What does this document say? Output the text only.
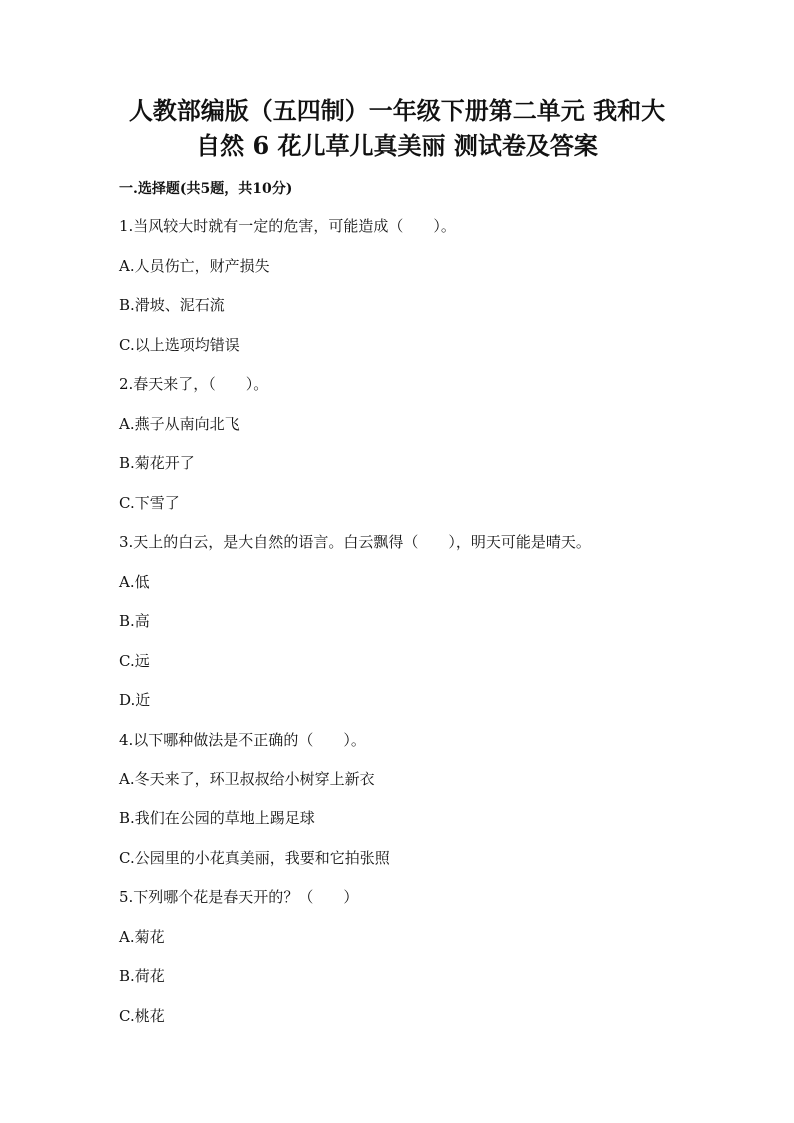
人教部编版（五四制）一年级下册第二单元 我和大
自然 6 花儿草儿真美丽 测试卷及答案

一.选择题(共5题，共10分)

1.当风较大时就有一定的危害，可能造成（　　）。

A.人员伤亡，财产损失

B.滑坡、泥石流

C.以上选项均错误

2.春天来了，（　　）。

A.燕子从南向北飞

B.菊花开了

C.下雪了

3.天上的白云，是大自然的语言。白云飘得（　　），明天可能是晴天。

A.低

B.高

C.远

D.近

4.以下哪种做法是不正确的（　　）。

A.冬天来了，环卫叔叔给小树穿上新衣

B.我们在公园的草地上踢足球

C.公园里的小花真美丽，我要和它拍张照

5.下列哪个花是春天开的？（　　）

A.菊花

B.荷花

C.桃花
